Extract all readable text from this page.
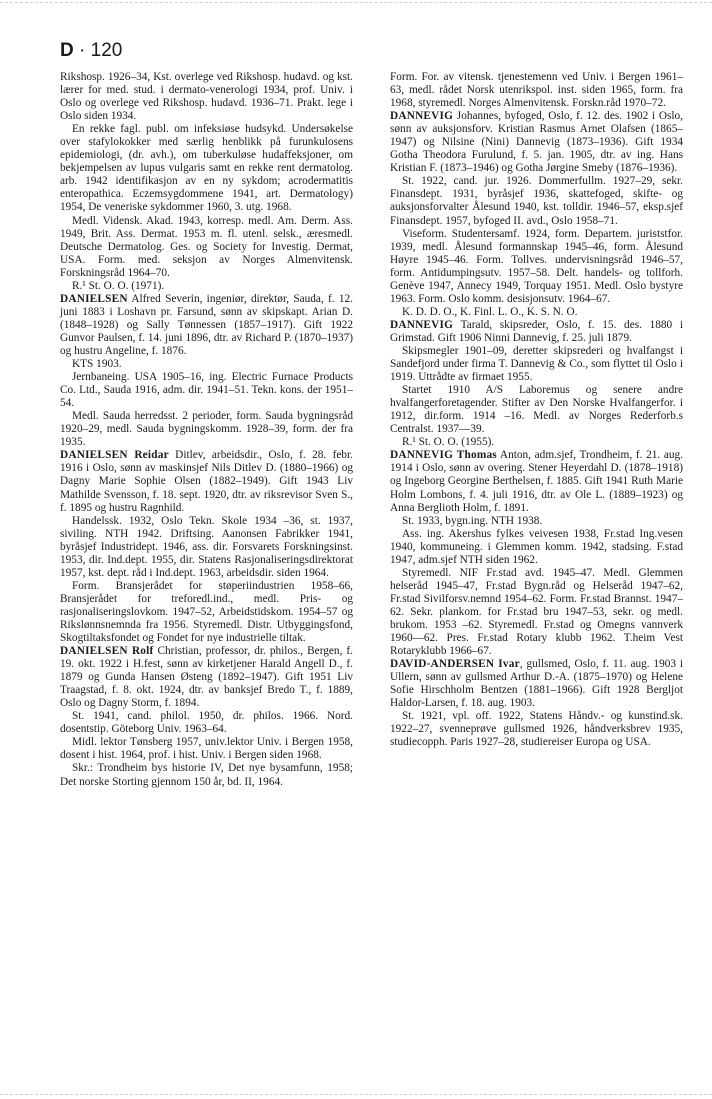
D · 120

Rikshosp. 1926–34, Kst. overlege ved Rikshosp. hudavd. og kst. lærer for med. stud. i dermato-venerologi 1934, prof. Univ. i Oslo og overlege ved Rikshosp. hudavd. 1936–71. Prakt. lege i Oslo siden 1934.

En rekke fagl. publ. om infeksiøse hudsykd. Undersøkelse over stafylokokker med særlig henblikk på furunkulosens epidemiologi, (dr. avh.), om tuberkuløse hudaffeksjoner, om bekjempelsen av lupus vulgaris samt en rekke rent dermatolog. arb. 1942 identifikasjon av en ny sykdom; acrodermatitis enteropathica. Eczemsygdommene 1941, art. Dermatology) 1954, De veneriske sykdommer 1960, 3. utg. 1968.

Medl. Vidensk. Akad. 1943, korresp. medl. Am. Derm. Ass. 1949, Brit. Ass. Dermat. 1953 m. fl. utenl. selsk., æresmedl. Deutsche Dermatolog. Ges. og Society for Investig. Dermat, USA. Form. med. seksjon av Norges Almenvitensk. Forskningsråd 1964–70.

R.¹ St. O. O. (1971).

DANIELSEN Alfred Severin, ingeniør, direktør, Sauda, f. 12. juni 1883 i Loshavn pr. Farsund, sønn av skipskapt. Arian D. (1848–1928) og Sally Tønnessen (1857–1917). Gift 1922 Gunvor Paulsen, f. 14. juni 1896, dtr. av Richard P. (1870–1937) og hustru Angeline, f. 1876.

KTS 1903.

Jernbaneing. USA 1905–16, ing. Electric Furnace Products Co. Ltd., Sauda 1916, adm. dir. 1941–51. Tekn. kons. der 1951–54.

Medl. Sauda herredsst. 2 perioder, form. Sauda bygningsråd 1920–29, medl. Sauda bygningskomm. 1928–39, form. der fra 1935.

DANIELSEN Reidar Ditlev, arbeidsdir., Oslo, f. 28. febr. 1916 i Oslo, sønn av maskinsjef Nils Ditlev D. (1880–1966) og Dagny Marie Sophie Olsen (1882–1949). Gift 1943 Liv Mathilde Svensson, f. 18. sept. 1920, dtr. av riksrevisor Sven S., f. 1895 og hustru Ragnhild.

Handelssk. 1932, Oslo Tekn. Skole 1934 –36, st. 1937, siviling. NTH 1942. Driftsing. Aanonsen Fabrikker 1941, byråsjef Industridept. 1946, ass. dir. Forsvarets Forskningsinst. 1953, dir. Ind.dept. 1955, dir. Statens Rasjonaliseringsdirektorat 1957, kst. dept. råd i Ind.dept. 1963, arbeidsdir. siden 1964.

Form. Bransjerådet for støperiindustrien 1958–66, Bransjerådet for treforedl.ind., medl. Pris- og rasjonaliseringslovkom. 1947–52, Arbeidstidskom. 1954–57 og Rikslønnsnemnda fra 1956. Styremedl. Distr. Utbyggingsfond, Skogtiltaksfondet og Fondet for nye industrielle tiltak.

DANIELSEN Rolf Christian, professor, dr. philos., Bergen, f. 19. okt. 1922 i H.fest, sønn av kirketjener Harald Angell D., f. 1879 og Gunda Hansen Østeng (1892–1947). Gift 1951 Liv Traagstad, f. 8. okt. 1924, dtr. av banksjef Bredo T., f. 1889, Oslo og Dagny Storm, f. 1894.

St. 1941, cand. philol. 1950, dr. philos. 1966. Nord. dosentstip. Göteborg Univ. 1963–64.

Midl. lektor Tønsberg 1957, univ.lektor Univ. i Bergen 1958, dosent i hist. 1964, prof. i hist. Univ. i Bergen siden 1968.

Skr.: Trondheim bys historie IV, Det nye bysamfunn, 1958; Det norske Storting gjennom 150 år, bd. II, 1964.

Form. For. av vitensk. tjenestemenn ved Univ. i Bergen 1961–63, medl. rådet Norsk utenrikspol. inst. siden 1965, form. fra 1968, styremedl. Norges Almenvitensk. Forskn.råd 1970–72.

DANNEVIG Johannes, byfoged, Oslo, f. 12. des. 1902 i Oslo, sønn av auksjonsforv. Kristian Rasmus Arnet Olafsen (1865–1947) og Nilsine (Nini) Dannevig (1873–1936). Gift 1934 Gotha Theodora Furulund, f. 5. jan. 1905, dtr. av ing. Hans Kristian F. (1873–1946) og Gotha Jørgine Smeby (1876–1936).

St. 1922, cand. jur. 1926. Dommerfullm. 1927–29, sekr. Finansdept. 1931, byråsjef 1936, skattefoged, skifte- og auksjonsforvalter Ålesund 1940, kst. tolldir. 1946–57, eksp.sjef Finansdept. 1957, byfoged II. avd., Oslo 1958–71.

Viseform. Studentersamf. 1924, form. Departem. juriststfor. 1939, medl. Ålesund formannskap 1945–46, form. Ålesund Høyre 1945–46. Form. Tollves. undervisningsråd 1946–57, form. Antidumpingsutv. 1957–58. Delt. handels- og tollforh. Genève 1947, Annecy 1949, Torquay 1951. Medl. Oslo bystyre 1963. Form. Oslo komm. desisjonsutv. 1964–67.

K. D. D. O., K. Finl. L. O., K. S. N. O.

DANNEVIG Tarald, skipsreder, Oslo, f. 15. des. 1880 i Grimstad. Gift 1906 Ninni Dannevig, f. 25. juli 1879.

Skipsmegler 1901–09, deretter skipsrederi og hvalfangst i Sandefjord under firma T. Dannevig & Co., som flyttet til Oslo i 1919. Uttrådte av firmaet 1955.

Startet 1910 A/S Laboremus og senere andre hvalfangerforetagender. Stifter av Den Norske Hvalfangerfor. i 1912, dir.form. 1914 –16. Medl. av Norges Rederforb.s Centralst. 1937—39.

R.¹ St. O. O. (1955).

DANNEVIG Thomas Anton, adm.sjef, Trondheim, f. 21. aug. 1914 i Oslo, sønn av overing. Stener Heyerdahl D. (1878–1918) og Ingeborg Georgine Berthelsen, f. 1885. Gift 1941 Ruth Marie Holm Lombons, f. 4. juli 1916, dtr. av Ole L. (1889–1923) og Anna Berglioth Holm, f. 1891.

St. 1933, bygn.ing. NTH 1938.

Ass. ing. Akershus fylkes veivesen 1938, Fr.stad Ing.vesen 1940, kommuneing. i Glemmen komm. 1942, stadsing. F.stad 1947, adm.sjef NTH siden 1962.

Styremedl. NIF Fr.stad avd. 1945–47. Medl. Glemmen helseråd 1945–47, Fr.stad Bygn.råd og Helseråd 1947–62, Fr.stad Sivilforsv.nemnd 1954–62. Form. Fr.stad Brannst. 1947–62. Sekr. plankom. for Fr.stad bru 1947–53, sekr. og medl. brukom. 1953 –62. Styremedl. Fr.stad og Omegns vannverk 1960—62. Pres. Fr.stad Rotary klubb 1962. T.heim Vest Rotaryklubb 1966–67.

DAVID-ANDERSEN Ivar, gullsmed, Oslo, f. 11. aug. 1903 i Ullern, sønn av gullsmed Arthur D.-A. (1875–1970) og Helene Sofie Hirschholm Bentzen (1881–1966). Gift 1928 Bergljot Haldor-Larsen, f. 18. aug. 1903.

St. 1921, vpl. off. 1922, Statens Håndv.- og kunstind.sk. 1922–27, svenneprøve gullsmed 1926, håndverksbrev 1935, studiecopph. Paris 1927–28, studiereiser Europa og USA.
